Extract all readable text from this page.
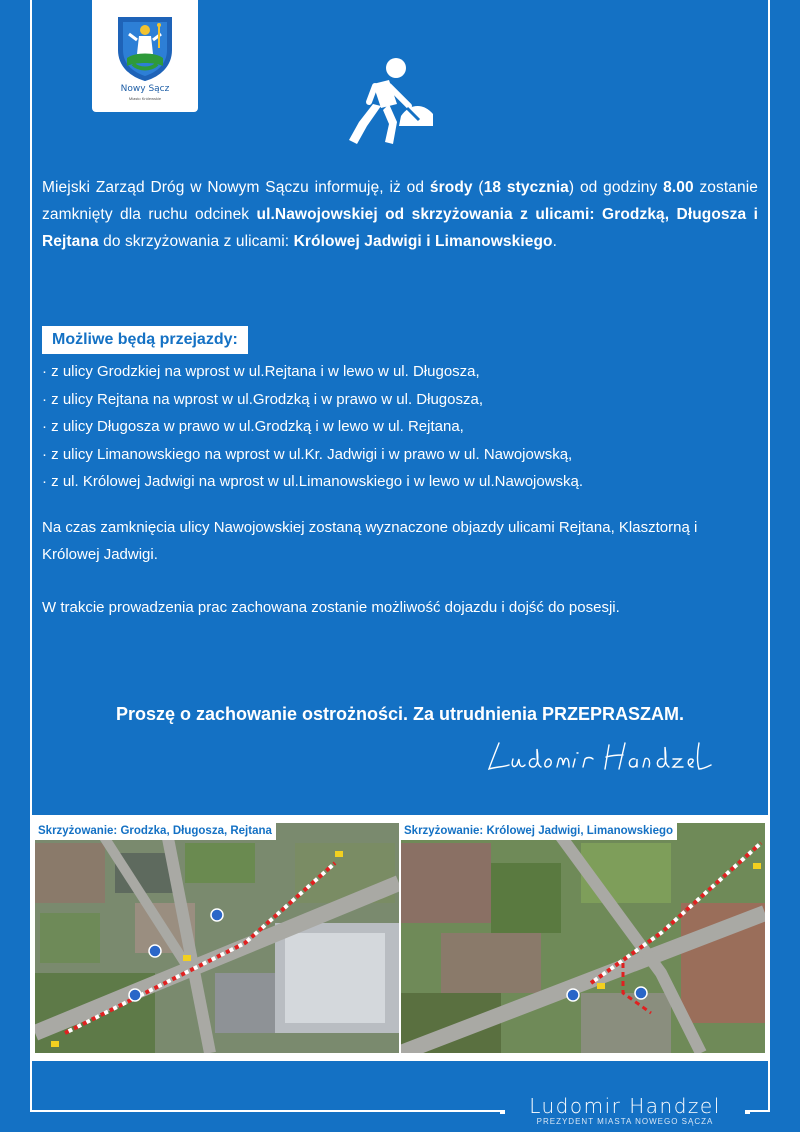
Nowy Sącz
Miasto Królewskie
Miejski Zarząd Dróg w Nowym Sączu informuję, iż od środy (18 stycznia) od godziny 8.00 zostanie zamknięty dla ruchu odcinek ul.Nawojowskiej od skrzyżowania z ulicami: Grodzką, Długosza i Rejtana do skrzyżowania z ulicami: Królowej Jadwigi i Limanowskiego.
Możliwe będą przejazdy:
· z ulicy Grodzkiej na wprost w ul.Rejtana i w lewo w ul. Długosza,
· z ulicy Rejtana na wprost w ul.Grodzką i w prawo w ul. Długosza,
· z ulicy Długosza w prawo w ul.Grodzką i w lewo w ul. Rejtana,
· z ulicy Limanowskiego na wprost w ul.Kr. Jadwigi i w prawo w ul. Nawojowską,
· z ul. Królowej Jadwigi na wprost w ul.Limanowskiego i w lewo w ul.Nawojowską.
Na czas zamknięcia ulicy Nawojowskiej zostaną wyznaczone objazdy ulicami Rejtana, Klasztorną i Królowej Jadwigi.
W trakcie prowadzenia prac zachowana zostanie możliwość dojazdu i dojść do posesji.
Proszę o zachowanie ostrożności. Za utrudnienia PRZEPRASZAM.
Skrzyżowanie: Grodzka, Długosza, Rejtana	Skrzyżowanie: Królowej Jadwigi, Limanowskiego
Ludomir Handzel
PREZYDENT MIASTA NOWEGO SĄCZA
